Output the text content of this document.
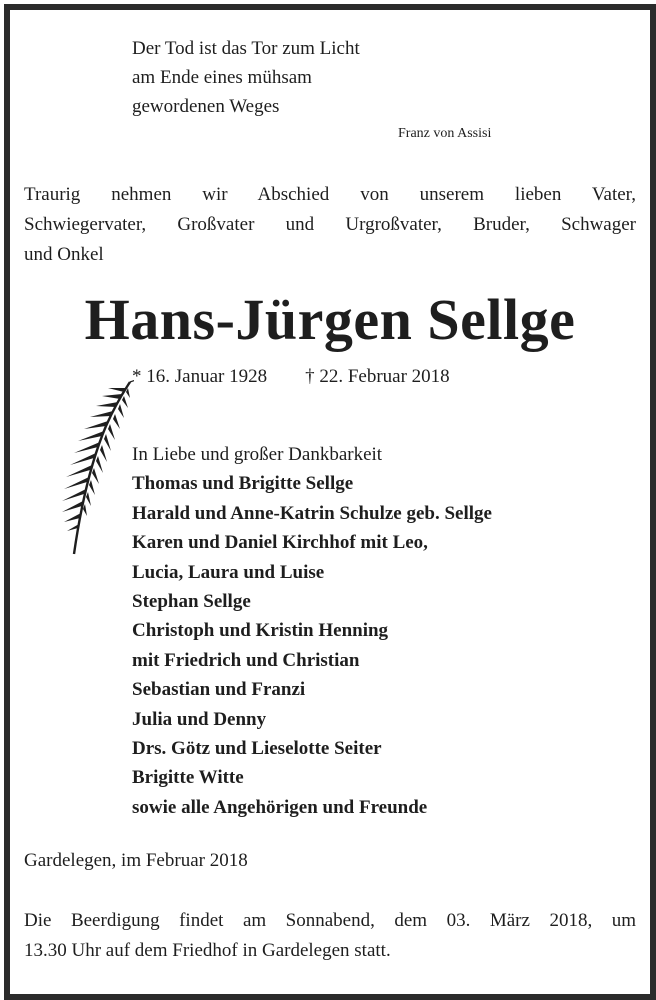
Der Tod ist das Tor zum Licht
am Ende eines mühsam
gewordenen Weges
Franz von Assisi
Traurig nehmen wir Abschied von unserem lieben Vater,
Schwiegervater, Großvater und Urgroßvater, Bruder, Schwager
und Onkel
Hans-Jürgen Sellge
* 16. Januar 1928 † 22. Februar 2018
In Liebe und großer Dankbarkeit
Thomas und Brigitte Sellge
Harald und Anne-Katrin Schulze geb. Sellge
Karen und Daniel Kirchhof mit Leo,
Lucia, Laura und Luise
Stephan Sellge
Christoph und Kristin Henning
mit Friedrich und Christian
Sebastian und Franzi
Julia und Denny
Drs. Götz und Lieselotte Seiter
Brigitte Witte
sowie alle Angehörigen und Freunde
Gardelegen, im Februar 2018
Die Beerdigung findet am Sonnabend, dem 03. März 2018, um
13.30 Uhr auf dem Friedhof in Gardelegen statt.
